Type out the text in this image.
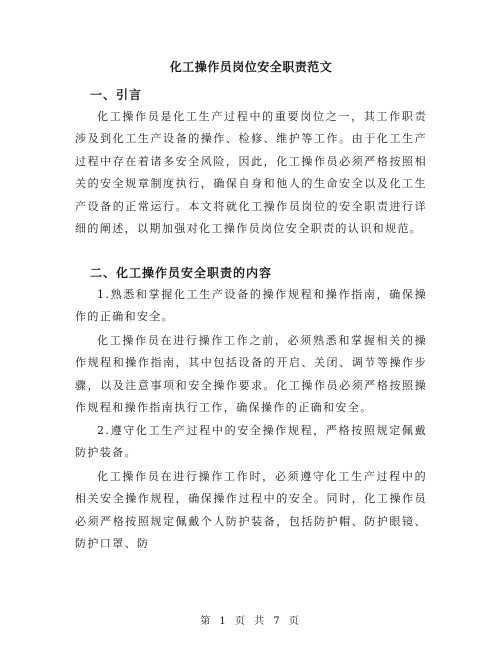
化工操作员岗位安全职责范文
一、引言

化工操作员是化工生产过程中的重要岗位之一，其工作职责涉及到化工生产设备的操作、检修、维护等工作。由于化工生产过程中存在着诸多安全风险，因此，化工操作员必须严格按照相关的安全规章制度执行，确保自身和他人的生命安全以及化工生产设备的正常运行。本文将就化工操作员岗位的安全职责进行详细的阐述，以期加强对化工操作员岗位安全职责的认识和规范。

二、化工操作员安全职责的内容

1.熟悉和掌握化工生产设备的操作规程和操作指南，确保操作的正确和安全。

化工操作员在进行操作工作之前，必须熟悉和掌握相关的操作规程和操作指南，其中包括设备的开启、关闭、调节等操作步骤，以及注意事项和安全操作要求。化工操作员必须严格按照操作规程和操作指南执行工作，确保操作的正确和安全。

2.遵守化工生产过程中的安全操作规程，严格按照规定佩戴防护装备。

化工操作员在进行操作工作时，必须遵守化工生产过程中的相关安全操作规程，确保操作过程中的安全。同时，化工操作员必须严格按照规定佩戴个人防护装备，包括防护帽、防护眼镜、防护口罩、防

第 1 页 共 7 页
